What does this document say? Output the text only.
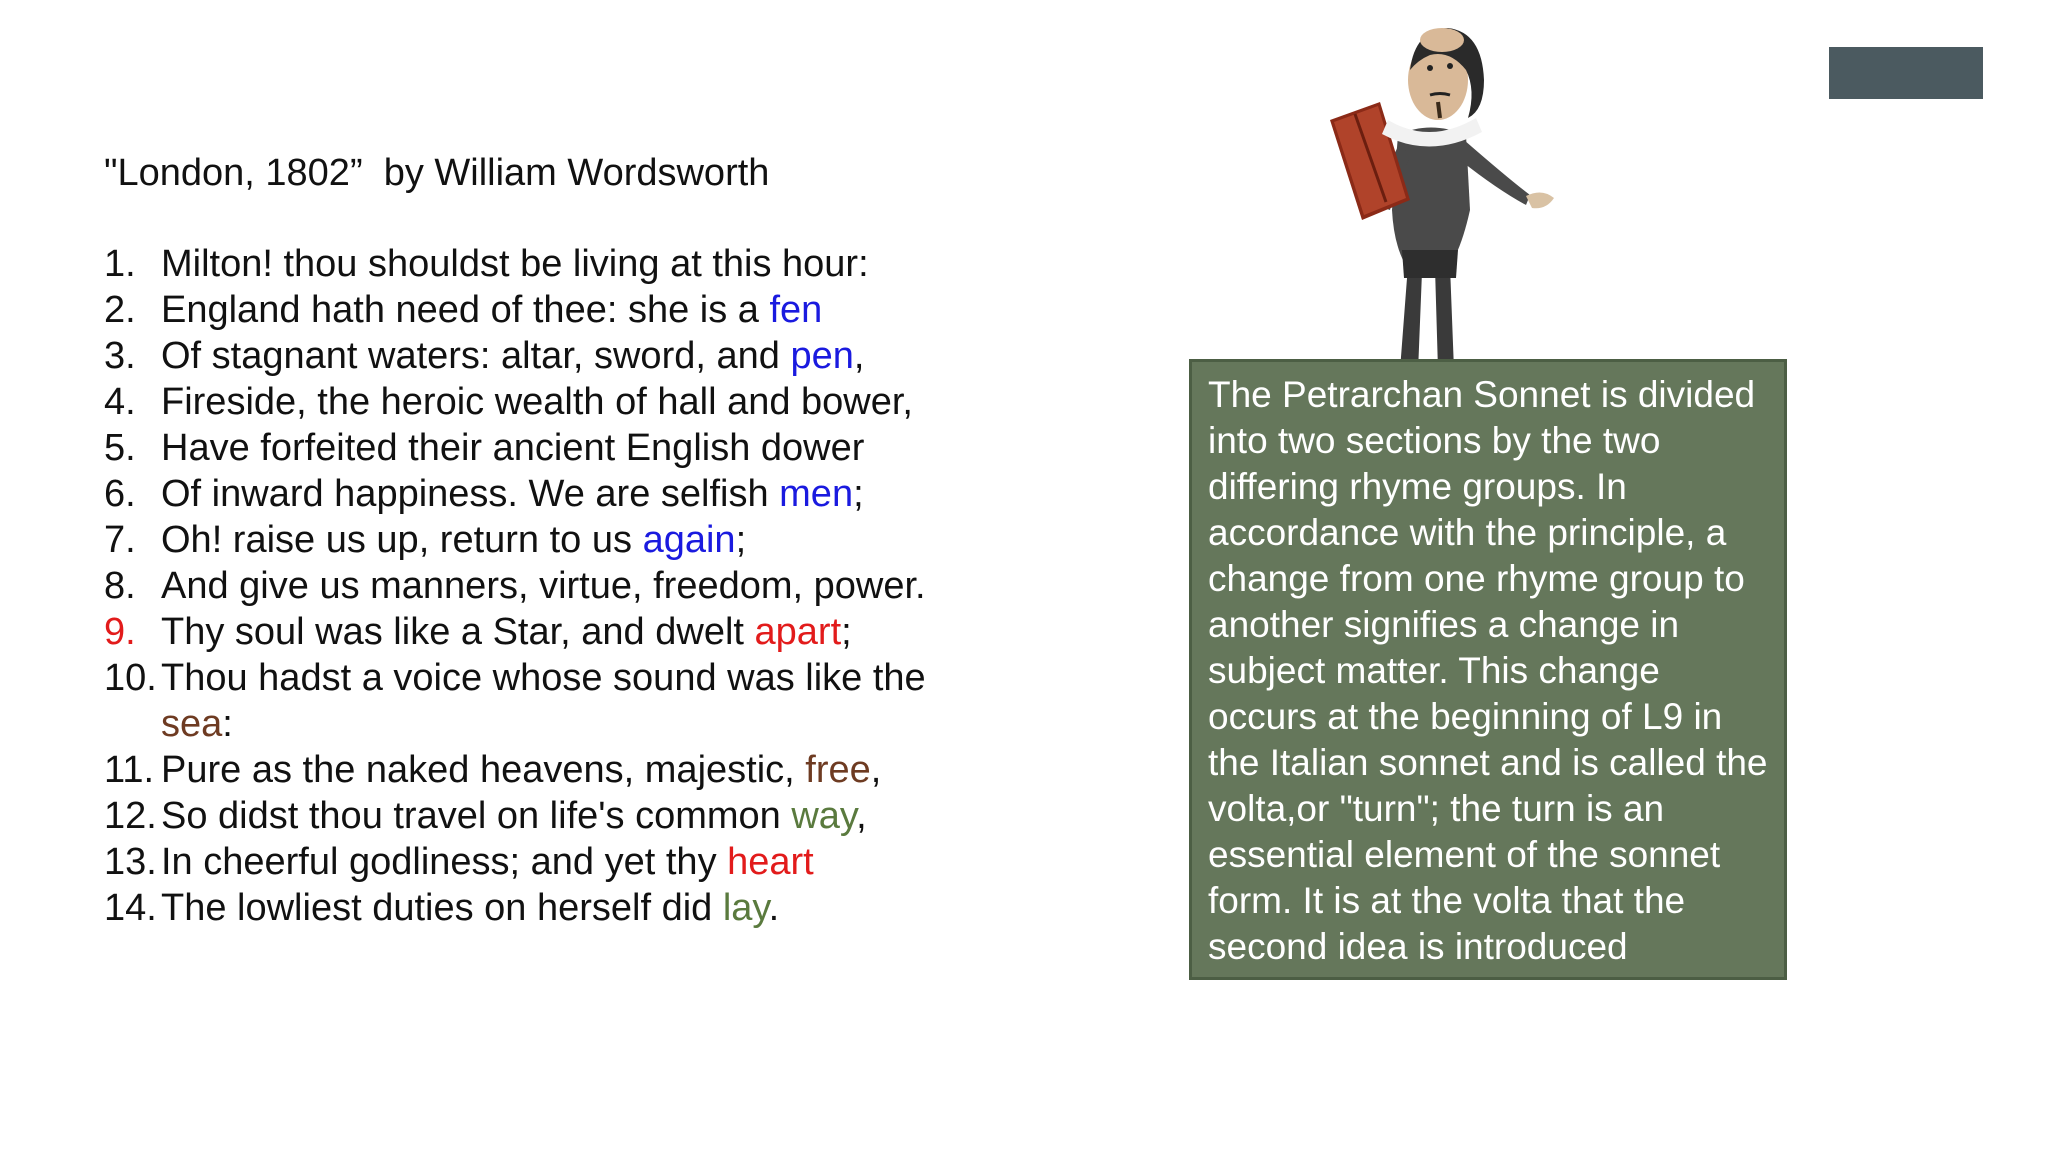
"London, 1802”  by William Wordsworth
1. Milton! thou shouldst be living at this hour:
2. England hath need of thee: she is a fen
3. Of stagnant waters: altar, sword, and pen,
4. Fireside, the heroic wealth of hall and bower,
5. Have forfeited their ancient English dower
6. Of inward happiness. We are selfish men;
7. Oh! raise us up, return to us again;
8. And give us manners, virtue, freedom, power.
9. Thy soul was like a Star, and dwelt apart;
10. Thou hadst a voice whose sound was like the sea:
11. Pure as the naked heavens, majestic, free,
12. So didst thou travel on life's common way,
13. In cheerful godliness; and yet thy heart
14. The lowliest duties on herself did lay.
The Petrarchan Sonnet is divided into two sections by the two differing rhyme groups. In accordance with the principle, a change from one rhyme group to another signifies a change in subject matter. This change occurs at the beginning of L9 in the Italian sonnet and is called the volta,or "turn"; the turn is an essential element of the sonnet form. It is at the volta that the second idea is introduced
